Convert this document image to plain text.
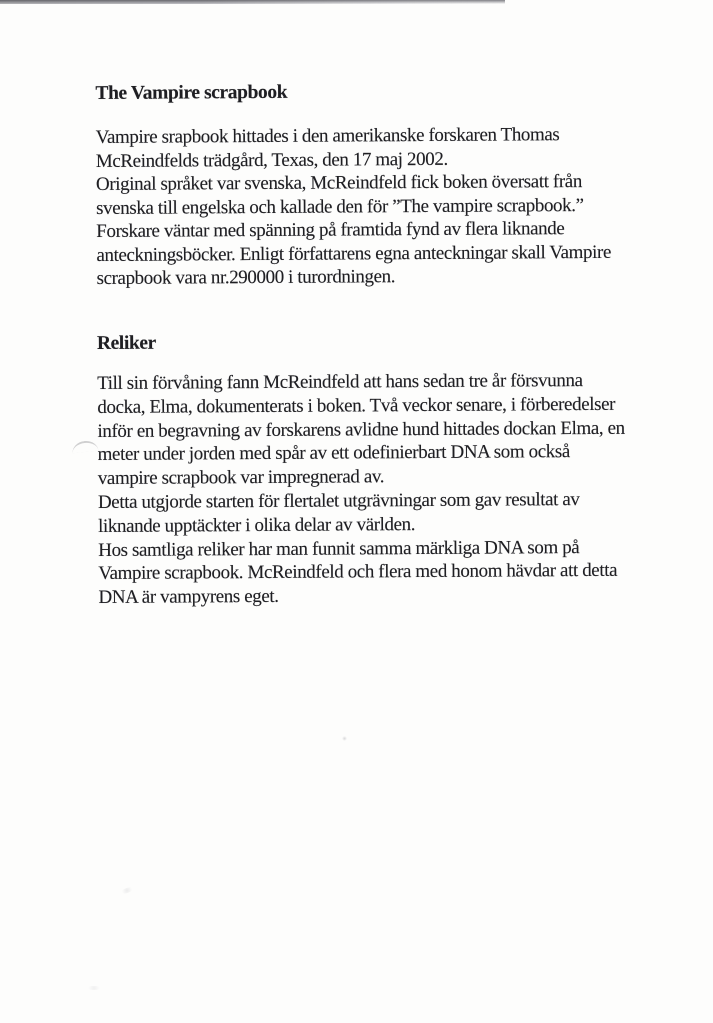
The Vampire scrapbook
Vampire srapbook hittades i den amerikanske forskaren Thomas
McReindfelds trädgård, Texas, den 17 maj 2002.
Original språket var svenska, McReindfeld fick boken översatt från
svenska till engelska och kallade den för ”The vampire scrapbook.”
Forskare väntar med spänning på framtida fynd av flera liknande
anteckningsböcker. Enligt författarens egna anteckningar skall Vampire
scrapbook vara nr.290000 i turordningen.
Reliker
Till sin förvåning fann McReindfeld att hans sedan tre år försvunna
docka, Elma, dokumenterats i boken. Två veckor senare, i förberedelser
inför en begravning av forskarens avlidne hund hittades dockan Elma, en
meter under jorden med spår av ett odefinierbart DNA som också
vampire scrapbook var impregnerad av.
Detta utgjorde starten för flertalet utgrävningar som gav resultat av
liknande upptäckter i olika delar av världen.
Hos samtliga reliker har man funnit samma märkliga DNA som på
Vampire scrapbook. McReindfeld och flera med honom hävdar att detta
DNA är vampyrens eget.
